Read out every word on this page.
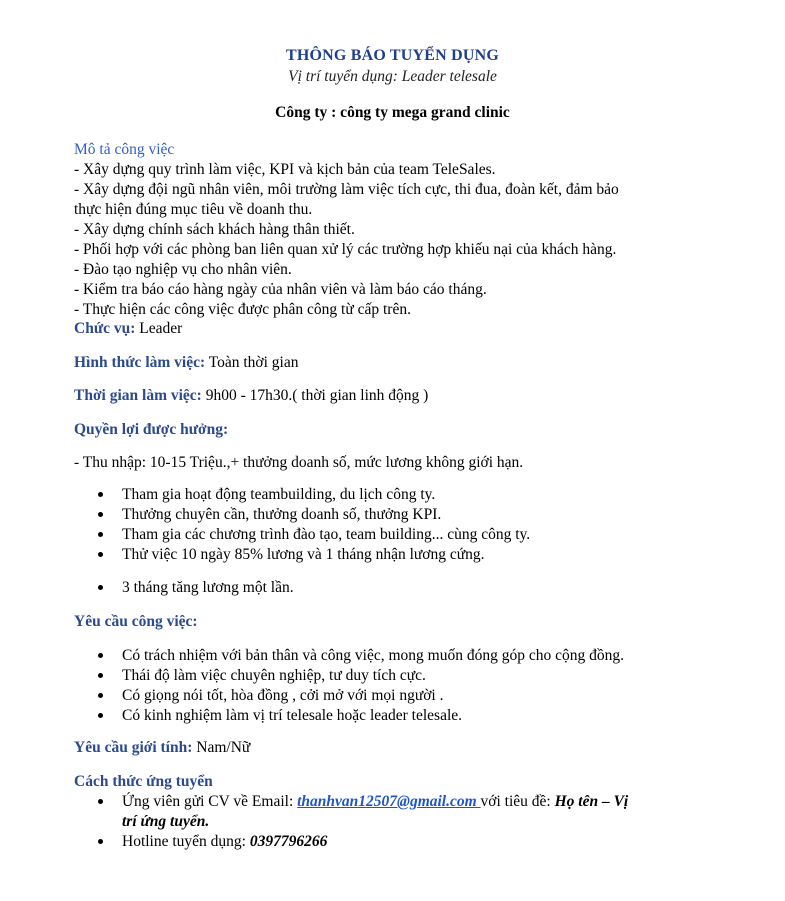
THÔNG BÁO TUYỂN DỤNG
Vị trí tuyển dụng: Leader telesale
Công ty : công ty mega grand clinic
Mô tả công việc
- Xây dựng quy trình làm việc, KPI và kịch bản của team TeleSales.
- Xây dựng đội ngũ nhân viên, môi trường làm việc tích cực, thi đua, đoàn kết, đảm bảo
thực hiện đúng mục tiêu về doanh thu.
- Xây dựng chính sách khách hàng thân thiết.
- Phối hợp với các phòng ban liên quan xử lý các trường hợp khiếu nại của khách hàng.
- Đào tạo nghiệp vụ cho nhân viên.
- Kiểm tra báo cáo hàng ngày của nhân viên và làm báo cáo tháng.
- Thực hiện các công việc được phân công từ cấp trên.
Chức vụ: Leader
Hình thức làm việc: Toàn thời gian
Thời gian làm việc: 9h00 - 17h30.( thời gian linh động )
Quyền lợi được hưởng:
- Thu nhập: 10-15 Triệu.,+ thưởng doanh số, mức lương không giới hạn.
Tham gia hoạt động teambuilding, du lịch công ty.
Thưởng chuyên cần, thưởng doanh số, thưởng KPI.
Tham gia các chương trình đào tạo, team building... cùng công ty.
Thử việc 10 ngày 85% lương và 1 tháng nhận lương cứng.
3 tháng tăng lương một lần.
Yêu cầu công việc:
Có trách nhiệm với bản thân và công việc, mong muốn đóng góp cho cộng đồng.
Thái độ làm việc chuyên nghiệp, tư duy tích cực.
Có giọng nói tốt, hòa đồng , cởi mở với mọi người .
Có kinh nghiệm làm vị trí telesale hoặc leader telesale.
Yêu cầu giới tính: Nam/Nữ
Cách thức ứng tuyển
Ứng viên gửi CV về Email: thanhvan12507@gmail.com với tiêu đề: Họ tên – Vị
trí ứng tuyển.
Hotline tuyển dụng: 0397796266
